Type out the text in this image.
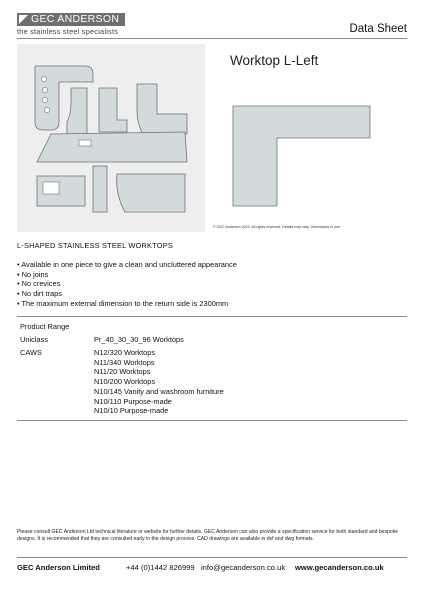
GEC ANDERSON
the stainless steel specialists	Data Sheet
Worktop L-Left
© GEC Anderson 2022. All rights reserved. Details may vary. Dimensions in mm.
L-SHAPED STAINLESS STEEL WORKTOPS
• Available in one piece to give a clean and uncluttered appearance
• No joins
• No crevices
• No dirt traps
• The maximum external dimension to the return side is 2300mm
Product Range
Uniclass	Pr_40_30_30_96 Worktops
CAWS	N12/320 Worktops
N11/340 Worktops
N11/20 Worktops
N10/200 Worktops
N10/145 Vanity and washroom furniture
N10/110 Purpose-made
N10/10 Purpose-made
Please consult GEC Anderson Ltd technical literature or website for further details. GEC Anderson can also provide a specification service for both standard and bespoke designs. It is recommended that they are consulted early in the design process. CAD drawings are available in dxf and dwg formats.
GEC Anderson Limited	+44 (0)1442 826999 info@gecanderson.co.uk www.gecanderson.co.uk
